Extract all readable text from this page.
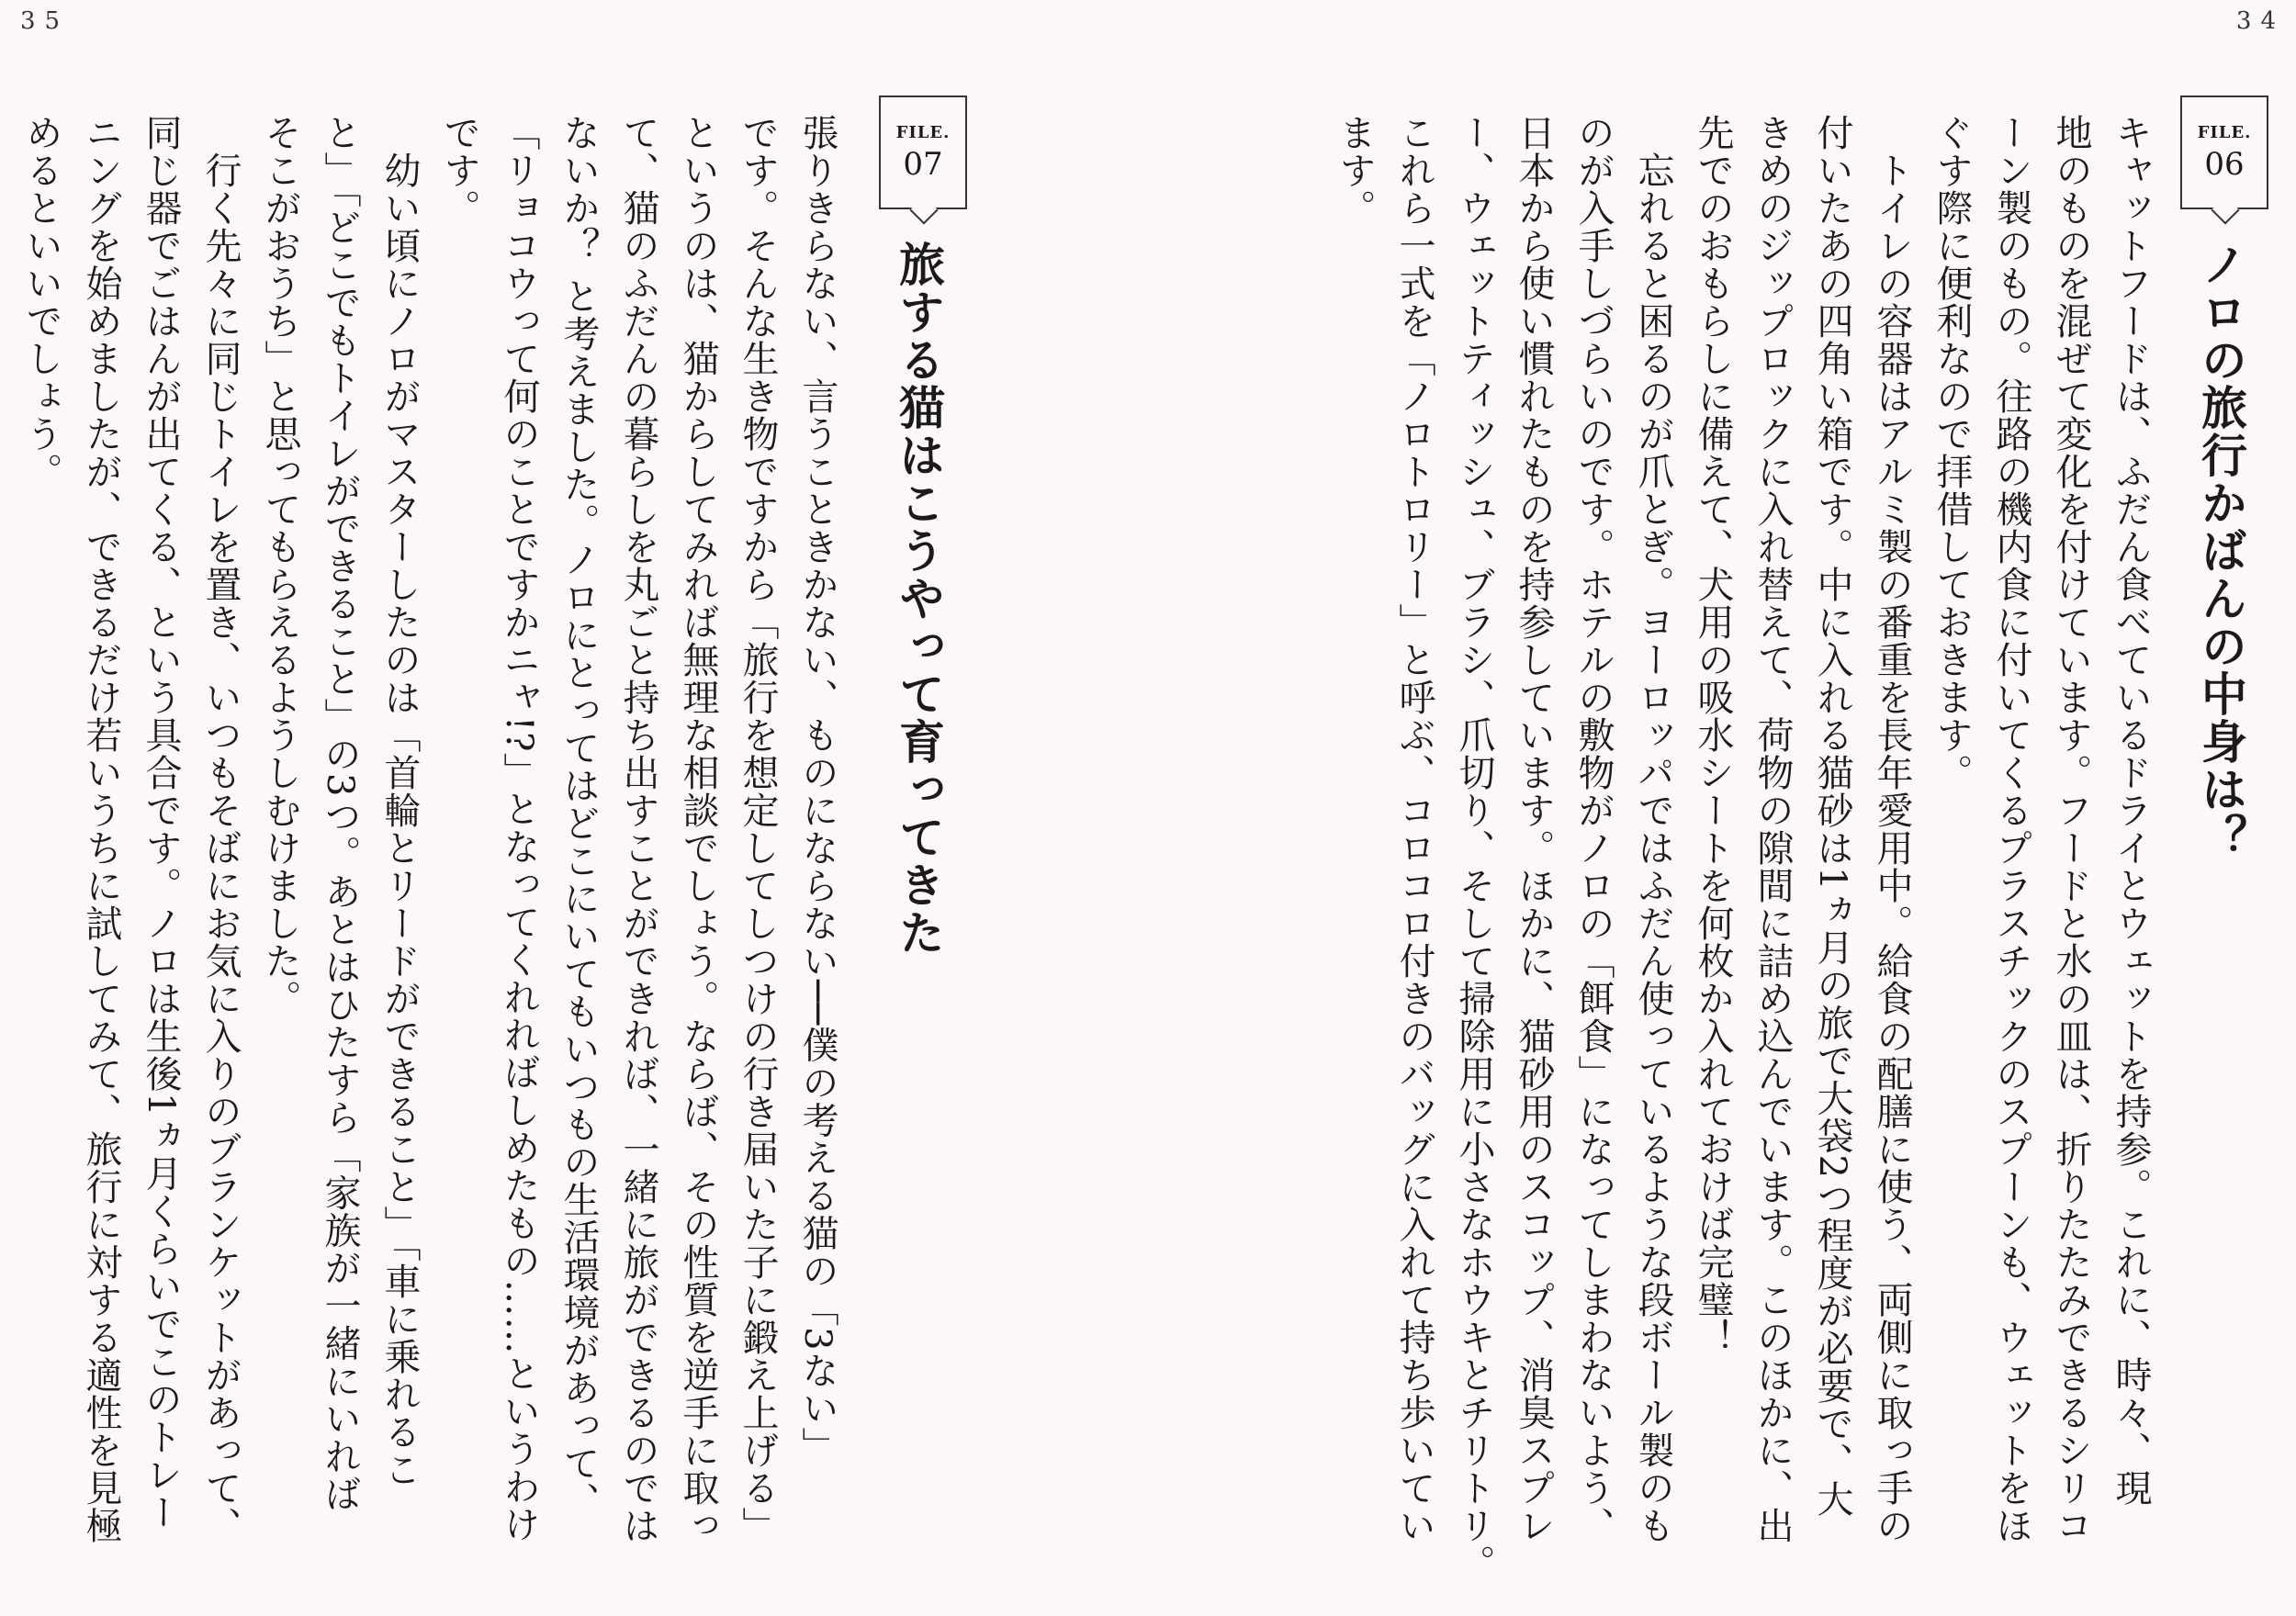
35
FILE.
07
旅する猫はこうやって育ってきた
張りきらない、言うこときかない、ものにならない──僕の考える猫の「3ない」
です。そんな生き物ですから「旅行を想定してしつけの行き届いた子に鍛え上げる」
というのは、猫からしてみれば無理な相談でしょう。ならば、その性質を逆手に取っ
て、猫のふだんの暮らしを丸ごと持ち出すことができれば、一緒に旅ができるのでは
ないか？ と考えました。ノロにとってはどこにいてもいつもの生活環境があって、
「リョコウって何のことですかニャ!?」となってくれればしめたもの……というわけ
です。
　幼い頃にノロがマスターしたのは「首輪とリードができること」「車に乗れるこ
と」「どこでもトイレができること」の3つ。あとはひたすら「家族が一緒にいれば
そこがおうち」と思ってもらえるようしむけました。
　行く先々に同じトイレを置き、いつもそばにお気に入りのブランケットがあって、
同じ器でごはんが出てくる、という具合です。ノロは生後1ヵ月くらいでこのトレー
ニングを始めましたが、できるだけ若いうちに試してみて、旅行に対する適性を見極
めるといいでしょう。
34
FILE.
06
ノロの旅行かばんの中身は？
キャットフードは、ふだん食べているドライとウェットを持参。これに、時々、現
地のものを混ぜて変化を付けています。フードと水の皿は、折りたたみできるシリコ
ーン製のもの。往路の機内食に付いてくるプラスチックのスプーンも、ウェットをほ
ぐす際に便利なので拝借しておきます。
　トイレの容器はアルミ製の番重を長年愛用中。給食の配膳に使う、両側に取っ手の
付いたあの四角い箱です。中に入れる猫砂は1ヵ月の旅で大袋2つ程度が必要で、大
きめのジップロックに入れ替えて、荷物の隙間に詰め込んでいます。このほかに、出
先でのおもらしに備えて、犬用の吸水シートを何枚か入れておけば完璧！
　忘れると困るのが爪とぎ。ヨーロッパではふだん使っているような段ボール製のも
のが入手しづらいのです。ホテルの敷物がノロの「餌食」になってしまわないよう、
日本から使い慣れたものを持参しています。ほかに、猫砂用のスコップ、消臭スプレ
ー、ウェットティッシュ、ブラシ、爪切り、そして掃除用に小さなホウキとチリトリ。
これら一式を「ノロトロリー」と呼ぶ、コロコロ付きのバッグに入れて持ち歩いてい
ます。
